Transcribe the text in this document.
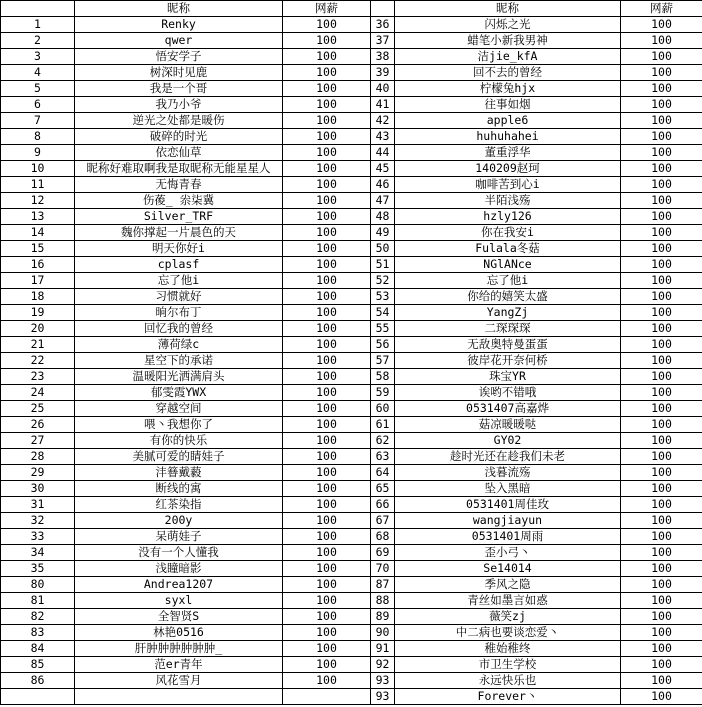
	昵称	网薪		昵称	网薪
1	Renky	100	36	闪烁之光	100
2	qwer	100	37	蜡笔小新我男神	100
3	悟安学子	100	38	洁jie_kfA	100
4	树深时见鹿	100	39	回不去的曾经	100
5	我是一个哥	100	40	柠檬兔hjx	100
6	我乃小爷	100	41	往事如烟	100
7	逆光之处都是暖伤	100	42	apple6	100
8	破碎的时光	100	43	huhuhahei	100
9	依恋仙草	100	44	董重浮华	100
10	昵称好难取啊我是取昵称无能星星人	100	45	140209赵珂	100
11	无悔青春	100	46	咖啡苦到心i	100
12	伤葰_ 尜柒冀	100	47	半陌浅殇	100
13	Silver_TRF	100	48	hzly126	100
14	魏你撑起一片晨色的天	100	49	你在我安i	100
15	明天你好i	100	50	Fulala冬菇	100
16	cplasf	100	51	NGlANce	100
17	忘了他i	100	52	忘了他i	100
18	习惯就好	100	53	你给的嬉笑太盛	100
19	晌尔布丁	100	54	YangZj	100
20	回忆我的曾经	100	55	二琛琛琛	100
21	薄荷绿c	100	56	无敌奥特曼蛋蛋	100
22	星空下的承诺	100	57	彼岸花开奈何桥	100
23	温暖阳光洒满肩头	100	58	珠宝YR	100
24	郁雯霞YWX	100	59	诶哟不错哦	100
25	穿越空间	100	60	0531407高嘉烨	100
26	喂丶我想你了	100	61	菇凉暖暖哒	100
27	有你的快乐	100	62	GY02	100
28	美腻可爱的睛娃子	100	63	趁时光还在趁我们未老	100
29	沣簮戴藙	100	64	浅暮流殇	100
30	断线的寓	100	65	坠入黑暗	100
31	红茶染指	100	66	0531401周佳玫	100
32	200y	100	67	wangjiayun	100
33	呆萌娃子	100	68	0531401周雨	100
34	没有一个人懂我	100	69	歪小弓丶	100
35	浅瞳暗影	100	70	Se14014	100
80	Andrea1207	100	87	季风之隐	100
81	syxl	100	88	青丝如墨言如惑	100
82	全智贤S	100	89	薇笑zj	100
83	林艳0516	100	90	中二病也要谈恋爱丶	100
84	肝肿肿肿肿肿肿_	100	91	稚始稚终	100
85	范er青年	100	92	市卫生学校	100
86	风花雪月	100	93	永远快乐也	100
			93	Forever丶	100
